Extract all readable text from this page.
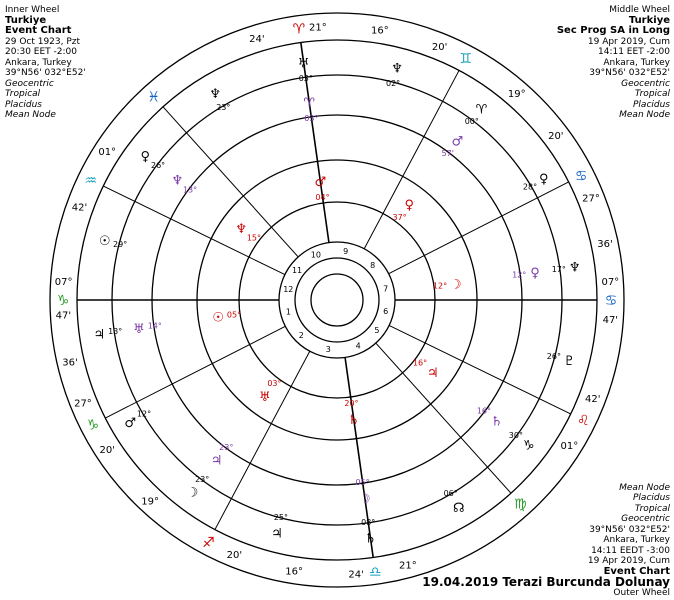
Inner Wheel
Turkiye
Event Chart
29 Oct 1923, Pzt
20:30 EET -2:00
Ankara, Turkey
39°N56' 032°E52'
Geocentric
Tropical
Placidus
Mean Node
Middle Wheel
Turkiye
Sec Prog SA in Long
19 Apr 2019, Cum
14:11 EET -2:00
Ankara, Turkey
39°N56' 032°E52'
Geocentric
Tropical
Placidus
Mean Node
Mean Node
Placidus
Tropical
Geocentric
39°N56' 032°E52'
Ankara, Turkey
14:11 EEDT -3:00
19 Apr 2019, Cum
Event Chart
19.04.2019 Terazi Burcunda Dolunay
Outer Wheel
24'
♈ 21°	16°
♓
20'
19°
♒
20'
27°
♑
36'
07°
♑
47'
42'
♐
01°
21°
♎
24'
16°
♍
20'
19°
♌
20'
27°
♋
36'
07°
♋
47'
42'
♊
01°
1
2
3	4
5
6
7
8
9
10
11
12
♅
03°
♆
02°
♈
00°
♀
28°
♆
17°
♇
26°
♑
30°
☊
06°
♄
08°
♃
25°
☽
23°
♂
12°
♃ 13°
☉ 29°
♀
26°
♆
23°	♈
03°
♂
57'
♀
12°
♄
16°
☽
05°
♃
23°
♅ 14°
♆
13°	♂
04°
♀
37°
☽
12°
♃
16°
♄
20°
♅
03°
☉ 05°
♆
15°
